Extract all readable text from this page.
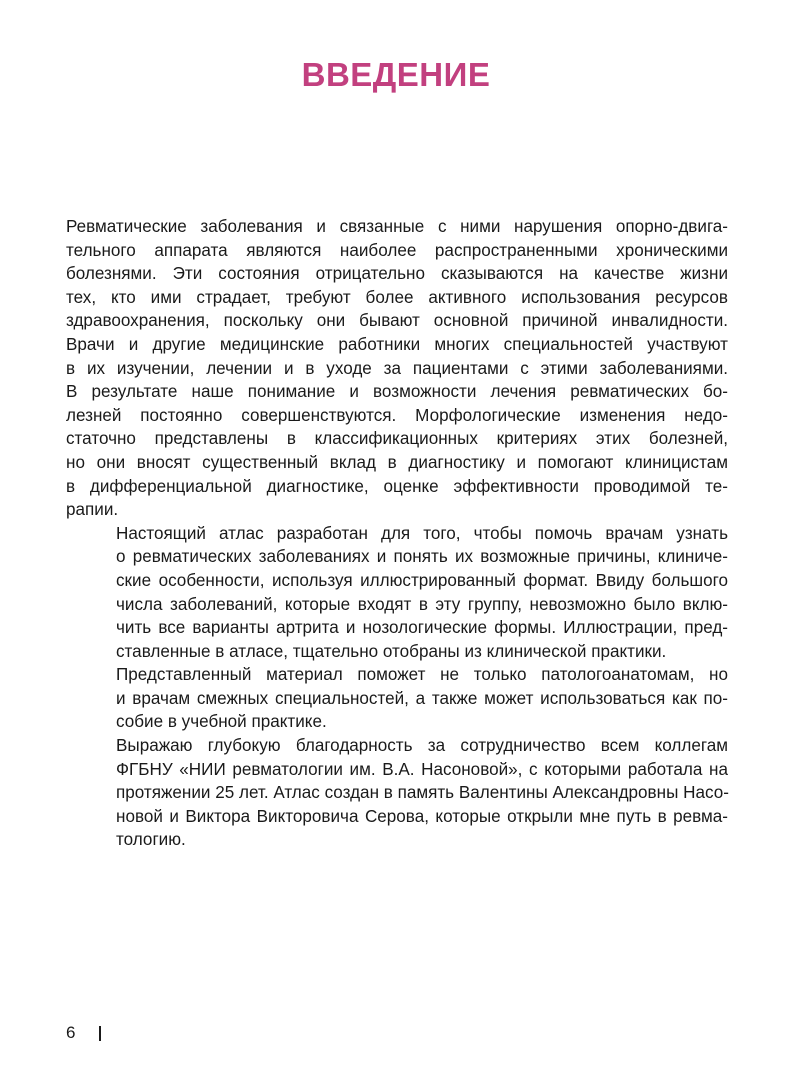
ВВЕДЕНИЕ

Ревматические заболевания и связанные с ними нарушения опорно-двига-
тельного аппарата являются наиболее распространенными хроническими
болезнями. Эти состояния отрицательно сказываются на качестве жизни
тех, кто ими страдает, требуют более активного использования ресурсов
здравоохранения, поскольку они бывают основной причиной инвалидности.
Врачи и другие медицинские работники многих специальностей участвуют
в их изучении, лечении и в уходе за пациентами с этими заболеваниями.
В результате наше понимание и возможности лечения ревматических бо-
лезней постоянно совершенствуются. Морфологические изменения недо-
статочно представлены в классификационных критериях этих болезней,
но они вносят существенный вклад в диагностику и помогают клиницистам
в дифференциальной диагностике, оценке эффективности проводимой те-
рапии.

Настоящий атлас разработан для того, чтобы помочь врачам узнать
о ревматических заболеваниях и понять их возможные причины, клиниче-
ские особенности, используя иллюстрированный формат. Ввиду большого
числа заболеваний, которые входят в эту группу, невозможно было вклю-
чить все варианты артрита и нозологические формы. Иллюстрации, пред-
ставленные в атласе, тщательно отобраны из клинической практики.

Представленный материал поможет не только патологоанатомам, но
и врачам смежных специальностей, а также может использоваться как по-
собие в учебной практике.

Выражаю глубокую благодарность за сотрудничество всем коллегам
ФГБНУ «НИИ ревматологии им. В.А. Насоновой», с которыми работала на
протяжении 25 лет. Атлас создан в память Валентины Александровны Насо-
новой и Виктора Викторовича Серова, которые открыли мне путь в ревма-
тологию.

6
